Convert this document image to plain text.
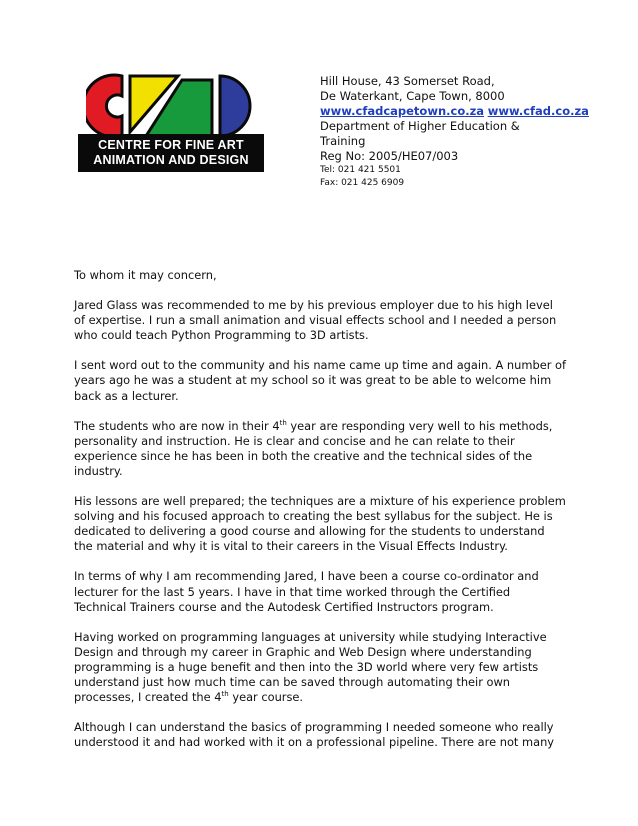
CENTRE FOR FINE ART
ANIMATION AND DESIGN
Hill House, 43 Somerset Road,
De Waterkant, Cape Town, 8000
www.cfadcapetown.co.za www.cfad.co.za
Department of Higher Education &
Training
Reg No: 2005/HE07/003
Tel: 021 421 5501
Fax: 021 425 6909

To whom it may concern,

Jared Glass was recommended to me by his previous employer due to his high level of expertise. I run a small animation and visual effects school and I needed a person who could teach Python Programming to 3D artists.

I sent word out to the community and his name came up time and again. A number of years ago he was a student at my school so it was great to be able to welcome him back as a lecturer.

The students who are now in their 4th year are responding very well to his methods, personality and instruction. He is clear and concise and he can relate to their experience since he has been in both the creative and the technical sides of the industry.

His lessons are well prepared; the techniques are a mixture of his experience problem solving and his focused approach to creating the best syllabus for the subject. He is dedicated to delivering a good course and allowing for the students to understand the material and why it is vital to their careers in the Visual Effects Industry.

In terms of why I am recommending Jared, I have been a course co-ordinator and lecturer for the last 5 years. I have in that time worked through the Certified Technical Trainers course and the Autodesk Certified Instructors program.

Having worked on programming languages at university while studying Interactive Design and through my career in Graphic and Web Design where understanding programming is a huge benefit and then into the 3D world where very few artists understand just how much time can be saved through automating their own processes, I created the 4th year course.

Although I can understand the basics of programming I needed someone who really understood it and had worked with it on a professional pipeline. There are not many
